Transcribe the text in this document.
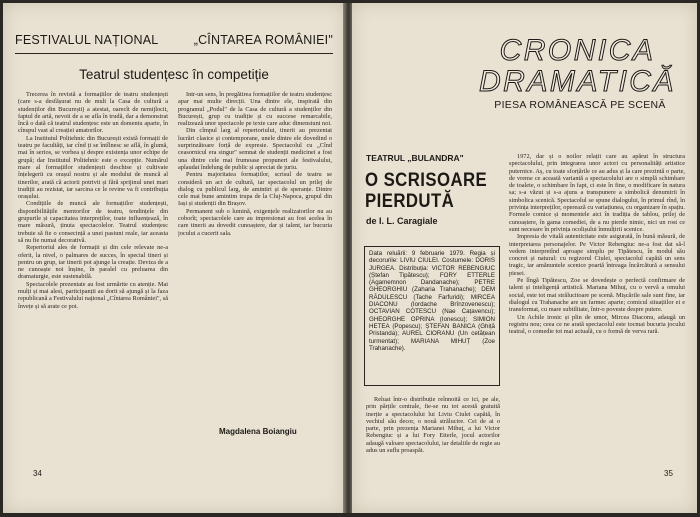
FESTIVALUL NAȚIONAL	„CÎNTAREA ROMÂNIEI"
Teatrul studențesc în competiție

Trecerea în revistă a formațiilor de teatru studențești (care s-a desfășurat nu de mult la Casa de cultură a studenților din București) a atestat, oarecît de nemijlocit, faptul de artă, nevoii de a se afla în trudă, dar a demonstrat încă o dată că teatrul studențesc este un domeniu aparte, în cînspul vast al creației amatorilor.

La Institutul Politehnic din București există formații de teatru pe facultăți, iar cînd ți se întîlnesc se află, în glumă, mai în serios, se vorbea și despre existența unor echipe de grupă; dar Institutul Politehnic este o excepție. Numărul mare al formațiilor studențești deschise și cultivate înțelegerii cu orașul nostru și ale modului de muncă al tinerilor, arată că actorii potrivit și fără sprijinul unei mari tradiții au rezistat, iar sarcina ce le revine va fi contribuția orașului.

Condițiile de muncă ale formațiilor studențești, disponibilitățile mentorilor de teatru, tendințele din grupurile și capacitatea interpreților, toate influențează, în mare măsură, ținuta spectacolelor. Teatrul studențesc trebuie să fie o consecință a unei pasiuni reale, iar aceasta să nu fie numai decorativă.

Repertoriul ales de formații și din cele relevate ne-a oferit, la nivel, o palmares de succes, în special tineri și pentru un grup, iar tinerii pot ajunge la creație. Deviza de a ne cunoaște noi înșine, în paralel cu preluarea din dramaturgie, este sustenabilă.

Spectacolele prezentate au fost urmărite cu atenție. Mai mulți și mai alesi, participanții au dorit să ajungă și la faza republicană a Festivalului național „Cîntarea României", să învețe și să arate ce pot.

Intr-un sens, în pregătirea formațiilor de teatru studențesc apar mai multe direcții. Una dintre ele, inspirată din programul „Podul" de la Casa de cultură a studenților din București, grup cu tradiție și cu succese remarcabile, realizează unor spectacole pe texte care aduc dimensiuni noi.

Din cîmpul larg al repertoriului, tinerii au prezentat lucrări clasice și contemporane, unele dintre ele dovedind o surprinzătoare forță de expresie. Spectacolul cu „Cînd ceasornicul era singur" semnat de studenții medicinei a fost una dintre cele mai frumoase propuneri ale festivalului, aplaudat îndelung de public și apreciat de juriu.

Pentru majoritatea formațiilor, scrisul de teatru se consideră un act de cultură, iar spectacolul un prilej de dialog cu publicul larg, de amintiri și de speranțe. Dintre cele mai bune amintim trupa de la Cluj-Napoca, grupul din Iași și studenții din Brașov.

Permanent sub o lumină, exigențele realizatorilor nu au coborît; spectacolele care au impresionat au fost acelea în care tinerii au dovedit cunoaștere, dar și talent, iar bucuria jocului a cucerit sala.

Magdalena Boiangiu
34
CRONICA
DRAMATICĂ
PIESA ROMÂNEASCĂ PE SCENĂ
TEATRUL „BULANDRA"
O SCRISOARE
PIERDUTĂ
de I. L. Caragiale
Data reluării: 9 februarie 1979. Regia și decorurile: LIVIU CIULEI. Costumele: DORIS JURGEA. Distribuția: VICTOR REBENGIUC (Ștefan Tipătescu); FORY ETTERLE (Agamemnon Dandanache); PETRE GHEORGHIU (Zaharia Trahanache); DEM RĂDULESCU (Tache Farfuridi); MIRCEA DIACONU (Iordache Brînzovenescu); OCTAVIAN COTESCU (Nae Cațavencu); GHEORGHE OPRINA (Ionescu); SIMION HETEA (Popescu); ȘTEFAN BANICA (Ghiță Pristanda); AUREL CIORANU (Un cetățean turmentat); MARIANA MIHUȚ (Zoe Trahanache).

Reluat într-o distribuție reînnoită ce ici, pe ale, prin părțile centrale, fie-se nu tot acestă gratuită inerție a spectacolului lui Liviu Ciulei capătă, în vechiul său decor, o nouă strălucire. Cei de ai o parte, prin prezența Marianei Mihuț, a lui Victor Rebengiuc și a lui Fory Etterle, jocul actorilor adaugă valoare spectacolului, iar detaliile de regie au adus un suflu proaspăt.

1972, dar și o noilor relații care au apărut în structura spectacolului, prin integrarea unor actori cu personalități artistice puternice. Aș, cu toate sforțările ce au adus și la care prezintă o parte, de vreme ce această variantă a spectacolului are o simplă schimbare de toalete, o schimbare în fapt, ci este în fine, o modificare în natura sa; s-a văzut și s-a ajuns a transpunere a simbolică denumirii în simbolica scenică. Spectacolul se spune dialogului, în primul rînd, în privința interpreților, operează cu variațiunea, cu organizare în spațiu. Formele comice și momentele aici în tradiția de tablou, prilej de cunoaștere, în gama comediei, de a nu pierde nimic, nici un rost ce sunt necesare în privința ocolișului înmulțirii scenice.

Impresia de vitală autenticitate este asigurată, în bună măsură, de interpretarea personajelor. Pe Victor Rebengiuc ne-a fost dat să-l vedem interpretînd aproape simplu pe Tipătescu, în modul său concret și natural: cu regizorul Ciulei, spectacolul capătă un sens tragic, iar amănuntele scenice poartă întreaga încărcătură a sensului piesei.

Pe lîngă Tipătescu, Zoe se dovedește o perfectă confirmare de talent și inteligență artistică. Mariana Mihuț, cu o vervă a omului social, este tot mai strălucitoare pe scenă. Mișcările sale sunt fine, iar dialogul cu Trahanache are un farmec aparte; comicul situațiilor ei e transformat, cu mare subtilitate, într-o poveste despre putere.

Un Achile ironic și plin de umor, Mircea Diaconu, adaugă un registru nou; ceea ce ne arată spectacolul este tocmai bucuria jocului teatral, o comedie tot mai actuală, cu o formă de verva rară.

35
